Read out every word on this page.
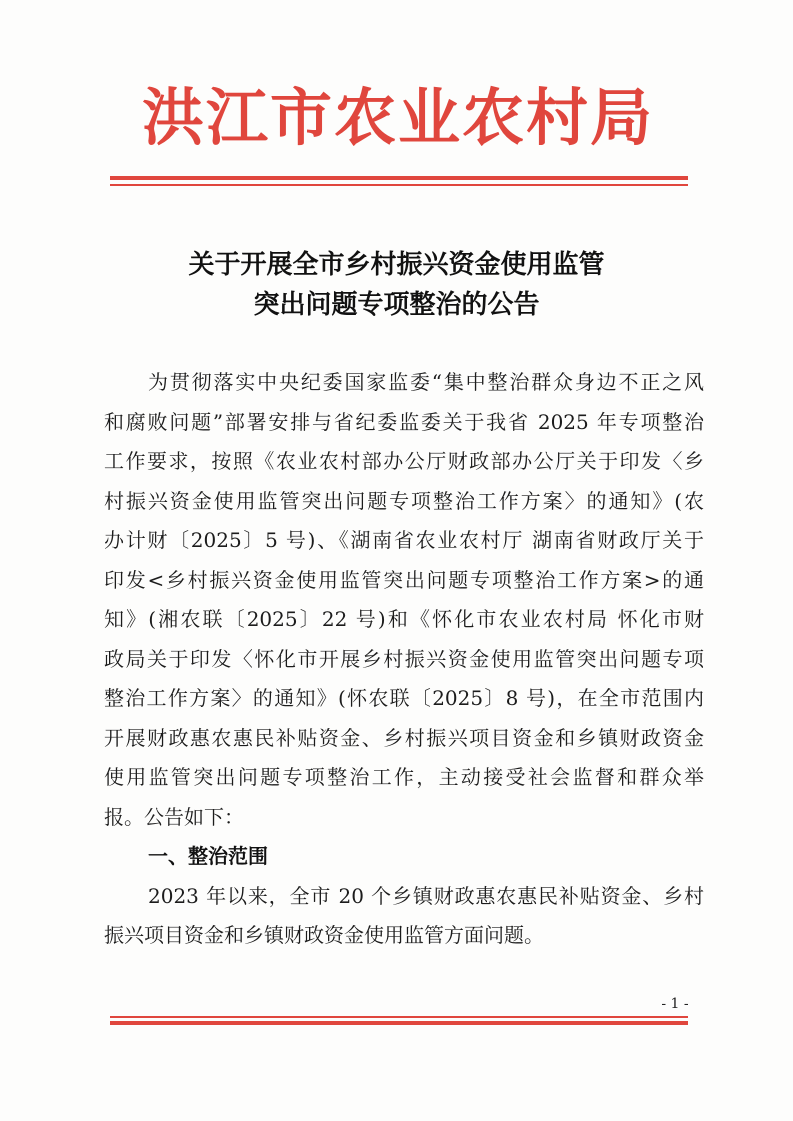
洪江市农业农村局
关于开展全市乡村振兴资金使用监管
突出问题专项整治的公告
为贯彻落实中央纪委国家监委“集中整治群众身边不正之风
和腐败问题”部署安排与省纪委监委关于我省 2025 年专项整治
工作要求，按照《农业农村部办公厅财政部办公厅关于印发〈乡
村振兴资金使用监管突出问题专项整治工作方案〉的通知》(农
办计财〔2025〕5 号)、《湖南省农业农村厅 湖南省财政厅关于
印发<乡村振兴资金使用监管突出问题专项整治工作方案>的通
知》(湘农联〔2025〕22 号)和《怀化市农业农村局 怀化市财
政局关于印发〈怀化市开展乡村振兴资金使用监管突出问题专项
整治工作方案〉的通知》(怀农联〔2025〕8 号)，在全市范围内
开展财政惠农惠民补贴资金、乡村振兴项目资金和乡镇财政资金
使用监管突出问题专项整治工作，主动接受社会监督和群众举
报。公告如下：
一、整治范围
2023 年以来，全市 20 个乡镇财政惠农惠民补贴资金、乡村
振兴项目资金和乡镇财政资金使用监管方面问题。
- 1 -
